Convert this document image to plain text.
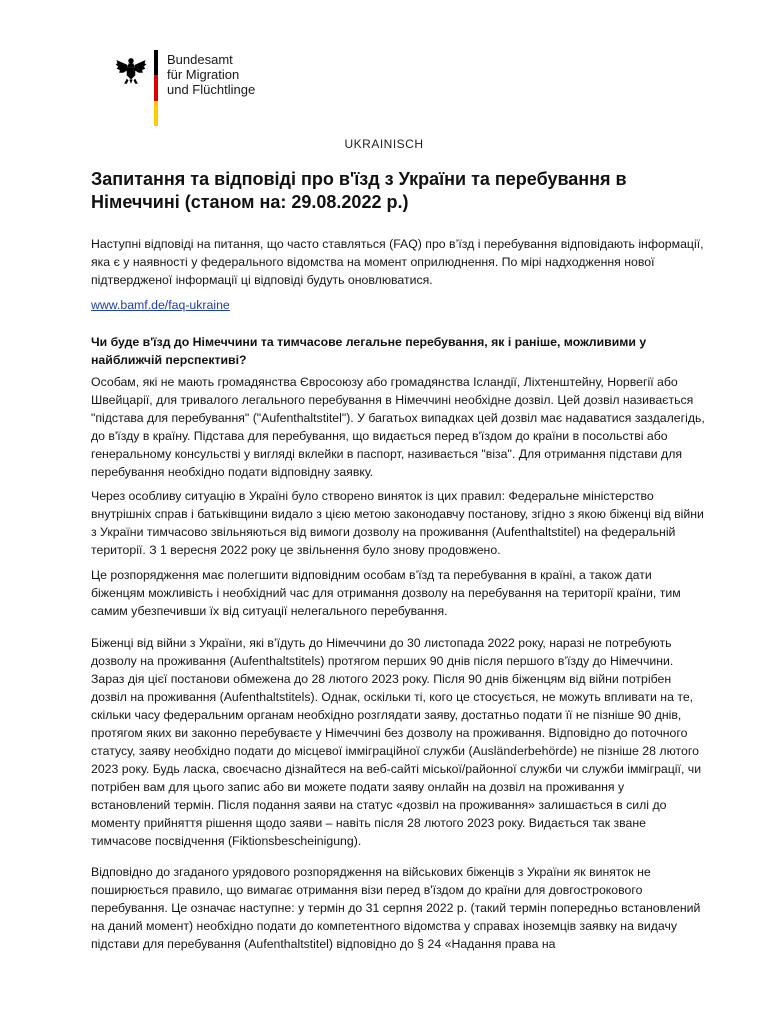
Bundesamt
für Migration
und Flüchtlinge
UKRAINISCH
Запитання та відповіді про в'їзд з України та перебування в Німеччині (станом на: 29.08.2022 р.)

Наступні відповіді на питання, що часто ставляться (FAQ) про в’їзд і перебування відповідають інформації, яка є у наявності у федерального відомства на момент оприлюднення. По мірі надходження нової підтвердженої інформації ці відповіді будуть оновлюватися.

www.bamf.de/faq-ukraine

Чи буде в'їзд до Німеччини та тимчасове легальне перебування, як і раніше, можливими у найближчій перспективі?

Особам, які не мають громадянства Євросоюзу або громадянства Ісландії, Ліхтенштейну, Норвегії або Швейцарії, для тривалого легального перебування в Німеччині необхідне дозвіл. Цей дозвіл називається "підстава для перебування" ("Aufenthaltstitel"). У багатьох випадках цей дозвіл має надаватися заздалегідь, до в'їзду в країну. Підстава для перебування, що видається перед в'їздом до країни в посольстві або генеральному консульстві у вигляді вклейки в паспорт, називається "віза". Для отримання підстави для перебування необхідно подати відповідну заявку.

Через особливу ситуацію в Україні було створено виняток із цих правил: Федеральне міністерство внутрішніх справ і батьківщини видало з цією метою законодавчу постанову, згідно з якою біженці від війни з України тимчасово звільняються від вимоги дозволу на проживання (Aufenthaltstitel) на федеральній території. З 1 вересня 2022 року це звільнення було знову продовжено.

Це розпорядження має полегшити відповідним особам в’їзд та перебування в країні, а також дати біженцям можливість і необхідний час для отримання дозволу на перебування на території країни, тим самим убезпечивши їх від ситуації нелегального перебування.

Біженці від війни з України, які в’їдуть до Німеччини до 30 листопада 2022 року, наразі не потребують дозволу на проживання (Aufenthaltstitels) протягом перших 90 днів після першого в’їзду до Німеччини. Зараз дія цієї постанови обмежена до 28 лютого 2023 року. Після 90 днів біженцям від війни потрібен дозвіл на проживання (Aufenthaltstitels). Однак, оскільки ті, кого це стосується, не можуть впливати на те, скільки часу федеральним органам необхідно розглядати заяву, достатньо подати її не пізніше 90 днів, протягом яких ви законно перебуваєте у Німеччині без дозволу на проживання. Відповідно до поточного статусу, заяву необхідно подати до місцевої імміграційної служби (Ausländerbehörde) не пізніше 28 лютого 2023 року. Будь ласка, своєчасно дізнайтеся на веб-сайті міської/районної служби чи служби імміграції, чи потрібен вам для цього запис або ви можете подати заяву онлайн на дозвіл на проживання у встановлений термін. Після подання заяви на статус «дозвіл на проживання» залишається в силі до моменту прийняття рішення щодо заяви – навіть після 28 лютого 2023 року. Видається так зване тимчасове посвідчення (Fiktionsbescheinigung).

Відповідно до згаданого урядового розпорядження на військових біженців з України як виняток не поширюється правило, що вимагає отримання візи перед в'їздом до країни для довгострокового перебування. Це означає наступне: у термін до 31 серпня 2022 р. (такий термін попередньо встановлений на даний момент) необхідно подати до компетентного відомства у справах іноземців заявку на видачу підстави для перебування (Aufenthaltstitel) відповідно до § 24 «Надання права на
